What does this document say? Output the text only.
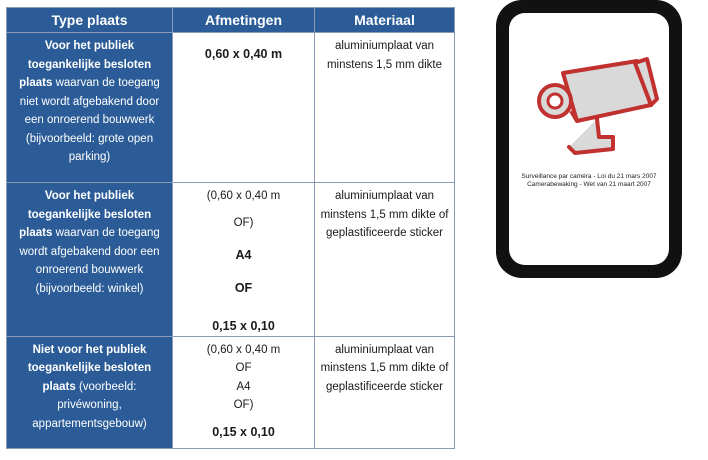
Type plaats	Afmetingen	Materiaal
Voor het publiek toegankelijke besloten plaats waarvan de toegang niet wordt afgebakend door een onroerend bouwwerk (bijvoorbeeld: grote open parking)	0,60 x 0,40 m	aluminiumplaat van minstens 1,5 mm dikte
Voor het publiek toegankelijke besloten plaats waarvan de toegang wordt afgebakend door een onroerend bouwwerk (bijvoorbeeld: winkel)	(0,60 x 0,40 m
OF)
A4
OF
0,15 x 0,10	aluminiumplaat van minstens 1,5 mm dikte of geplastificeerde sticker
Niet voor het publiek toegankelijke besloten plaats (voorbeeld: privéwoning, appartementsgebouw)	(0,60 x 0,40 m
OF
A4
OF)
0,15 x 0,10	aluminiumplaat van minstens 1,5 mm dikte of geplastificeerde sticker
Surveillance par caméra - Loi du 21 mars 2007
Camerabewaking - Wet van 21 maart 2007
